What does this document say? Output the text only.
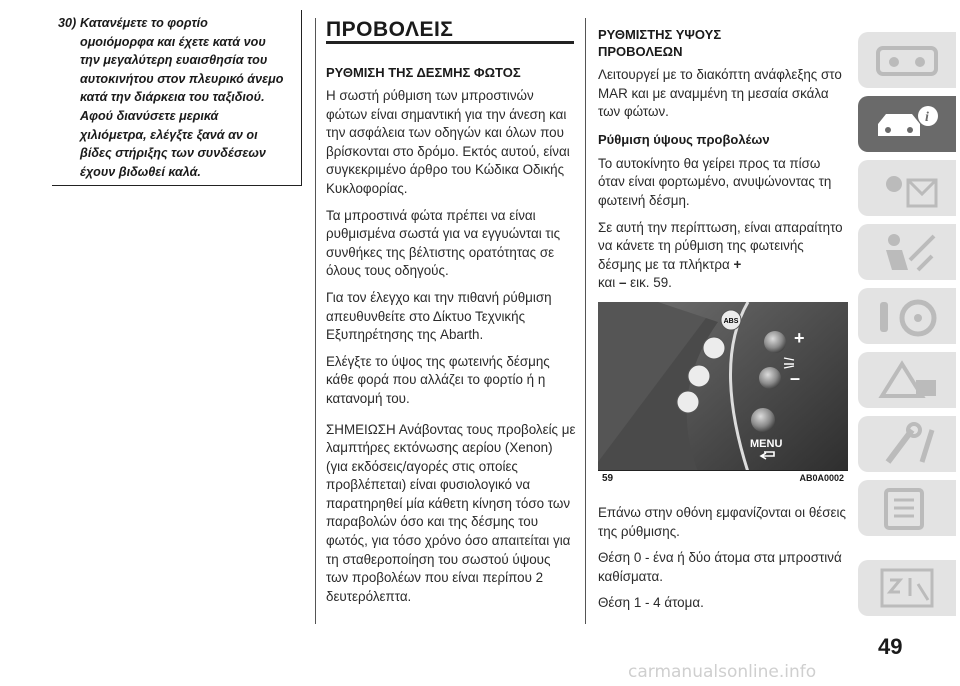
30) Κατανέμετε το φορτίο
ομοιόμορφα και έχετε κατά νου
την μεγαλύτερη ευαισθησία του
αυτοκινήτου στον πλευρικό άνεμο
κατά την διάρκεια του ταξιδιού.
Αφού διανύσετε μερικά
χιλιόμετρα, ελέγξτε ξανά αν οι
βίδες στήριξης των συνδέσεων
έχουν βιδωθεί καλά.
ΠΡΟΒΟΛΕΙΣ
ΡΥΘΜΙΣΗ ΤΗΣ ΔΕΣΜΗΣ ΦΩΤΟΣ

Η σωστή ρύθμιση των μπροστινών φώτων είναι σημαντική για την άνεση και την ασφάλεια των οδηγών και όλων που βρίσκονται στο δρόμο. Εκτός αυτού, είναι συγκεκριμένο άρθρο του Κώδικα Οδικής Κυκλοφορίας.

Τα μπροστινά φώτα πρέπει να είναι ρυθμισμένα σωστά για να εγγυώνται τις συνθήκες της βέλτιστης ορατότητας σε όλους τους οδηγούς.

Για τον έλεγχο και την πιθανή ρύθμιση απευθυνθείτε στο Δίκτυο Τεχνικής Εξυπηρέτησης της Abarth.

Ελέγξτε το ύψος της φωτεινής δέσμης κάθε φορά που αλλάζει το φορτίο ή η κατανομή του.

ΣΗΜΕΙΩΣΗ Ανάβοντας τους προβολείς με λαμπτήρες εκτόνωσης αερίου (Xenon) (για εκδόσεις/αγορές στις οποίες προβλέπεται) είναι φυσιολογικό να παρατηρηθεί μία κάθετη κίνηση τόσο των παραβολών όσο και της δέσμης του φωτός, για τόσο χρόνο όσο απαιτείται για τη σταθεροποίηση του σωστού ύψους των προβολέων που είναι περίπου 2 δευτερόλεπτα.

ΡΥΘΜΙΣΤΗΣ ΥΨΟΥΣ
ΠΡΟΒΟΛΕΩΝ

Λειτουργεί με το διακόπτη ανάφλεξης στο MAR και με αναμμένη τη μεσαία σκάλα των φώτων.

Ρύθμιση ύψους προβολέων

Το αυτοκίνητο θα γείρει προς τα πίσω όταν είναι φορτωμένο, ανυψώνοντας τη φωτεινή δέσμη.

Σε αυτή την περίπτωση, είναι απαραίτητο να κάνετε τη ρύθμιση της φωτεινής δέσμης με τα πλήκτρα +
και – εικ. 59.

ABS
+
–
MENU
59	AB0A0002

Επάνω στην οθόνη εμφανίζονται οι θέσεις της ρύθμισης.

Θέση 0 - ένα ή δύο άτομα στα μπροστινά καθίσματα.

Θέση 1 - 4 άτομα.

i
49
carmanualsonline.info
